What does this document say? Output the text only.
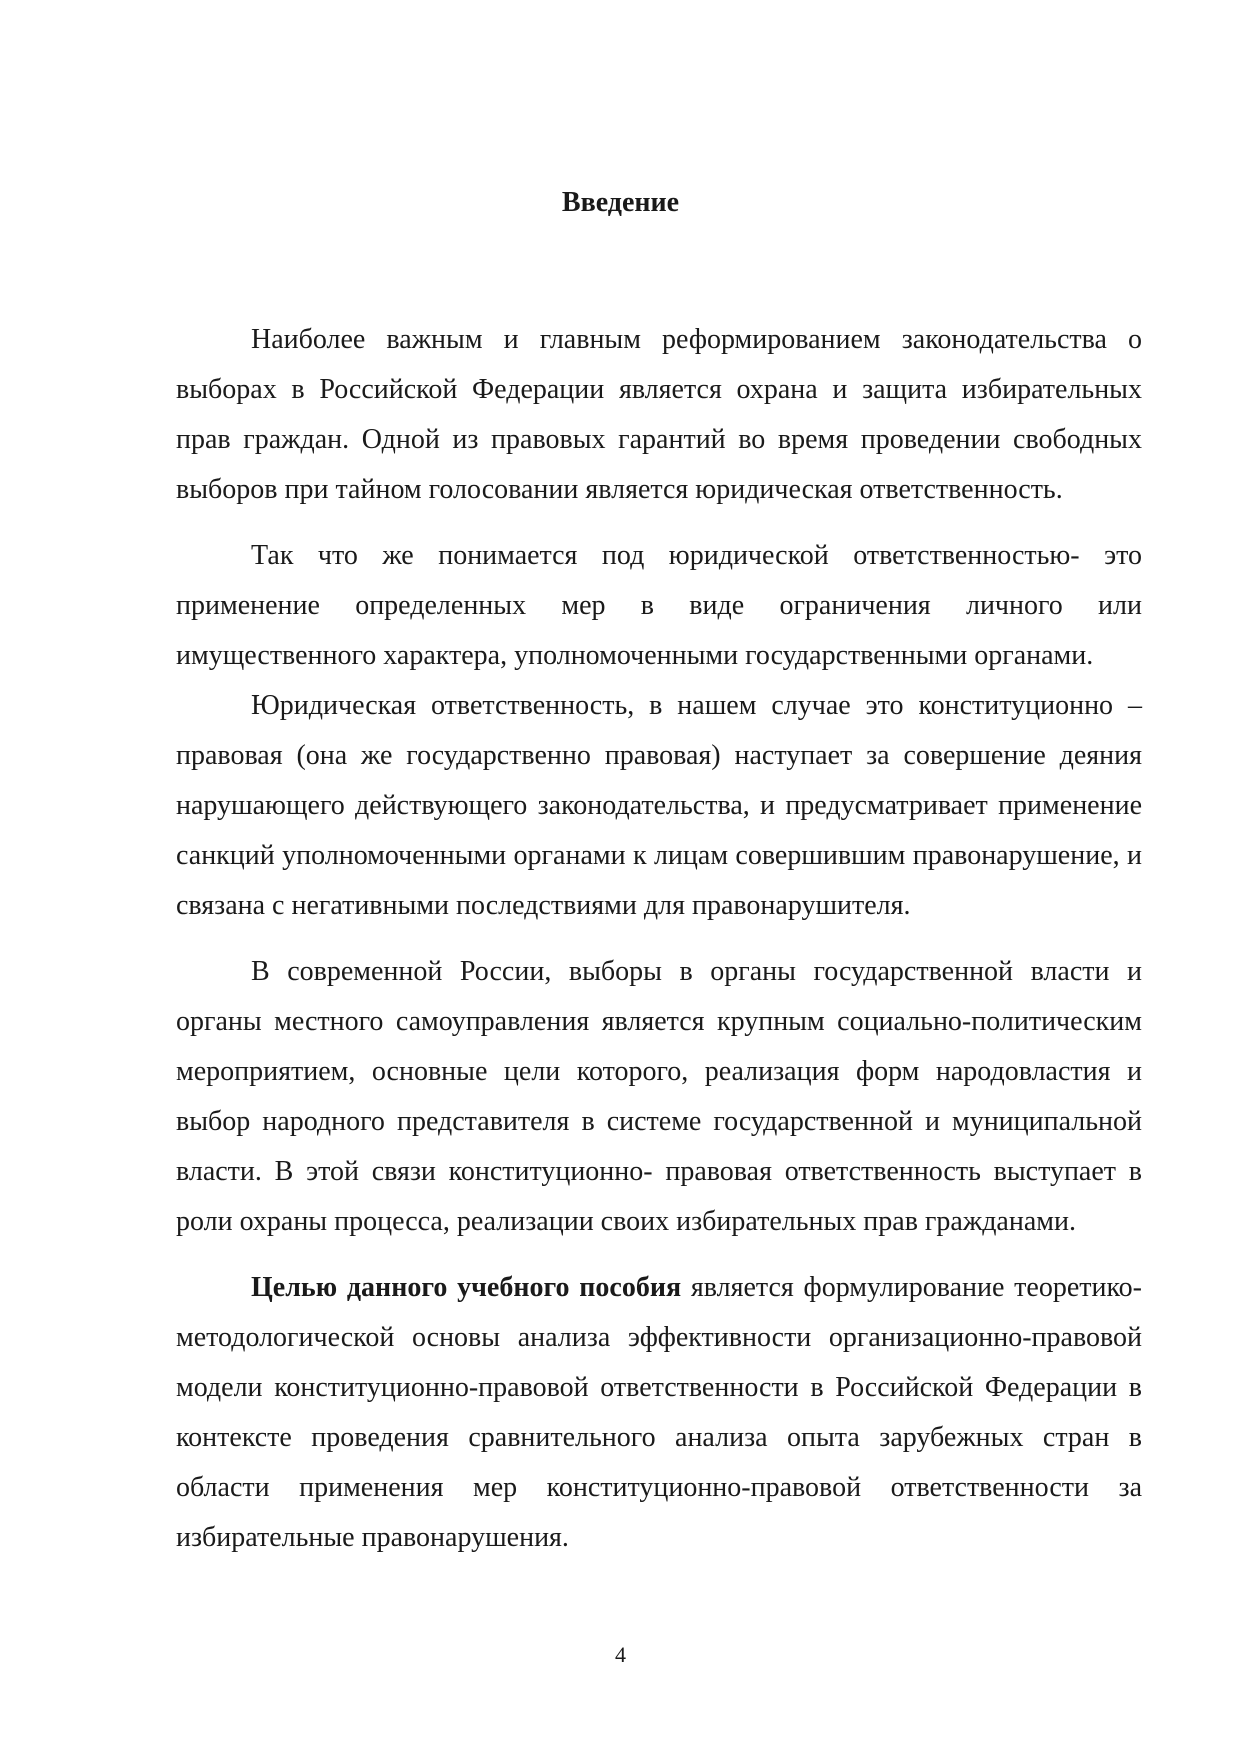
Введение

Наиболее важным и главным реформированием законодательства о выборах в Российской Федерации является охрана и защита избирательных прав граждан. Одной из правовых гарантий во время проведении свободных выборов при тайном голосовании является юридическая ответственность.

Так что же понимается под юридической ответственностью- это применение определенных мер в виде ограничения личного или имущественного характера, уполномоченными государственными органами.

Юридическая ответственность, в нашем случае это конституционно – правовая (она же государственно правовая) наступает за совершение деяния нарушающего действующего законодательства, и предусматривает применение санкций уполномоченными органами к лицам совершившим правонарушение, и связана с негативными последствиями для правонарушителя.

В современной России, выборы в органы государственной власти и органы местного самоуправления является крупным социально-политическим мероприятием, основные цели которого, реализация форм народовластия и выбор народного представителя в системе государственной и муниципальной власти. В этой связи конституционно- правовая ответственность выступает в роли охраны процесса, реализации своих избирательных прав гражданами.

Целью данного учебного пособия является формулирование теоретико-методологической основы анализа эффективности организационно-правовой модели конституционно-правовой ответственности в Российской Федерации в контексте проведения сравнительного анализа опыта зарубежных стран в области применения мер конституционно-правовой ответственности за избирательные правонарушения.

4
